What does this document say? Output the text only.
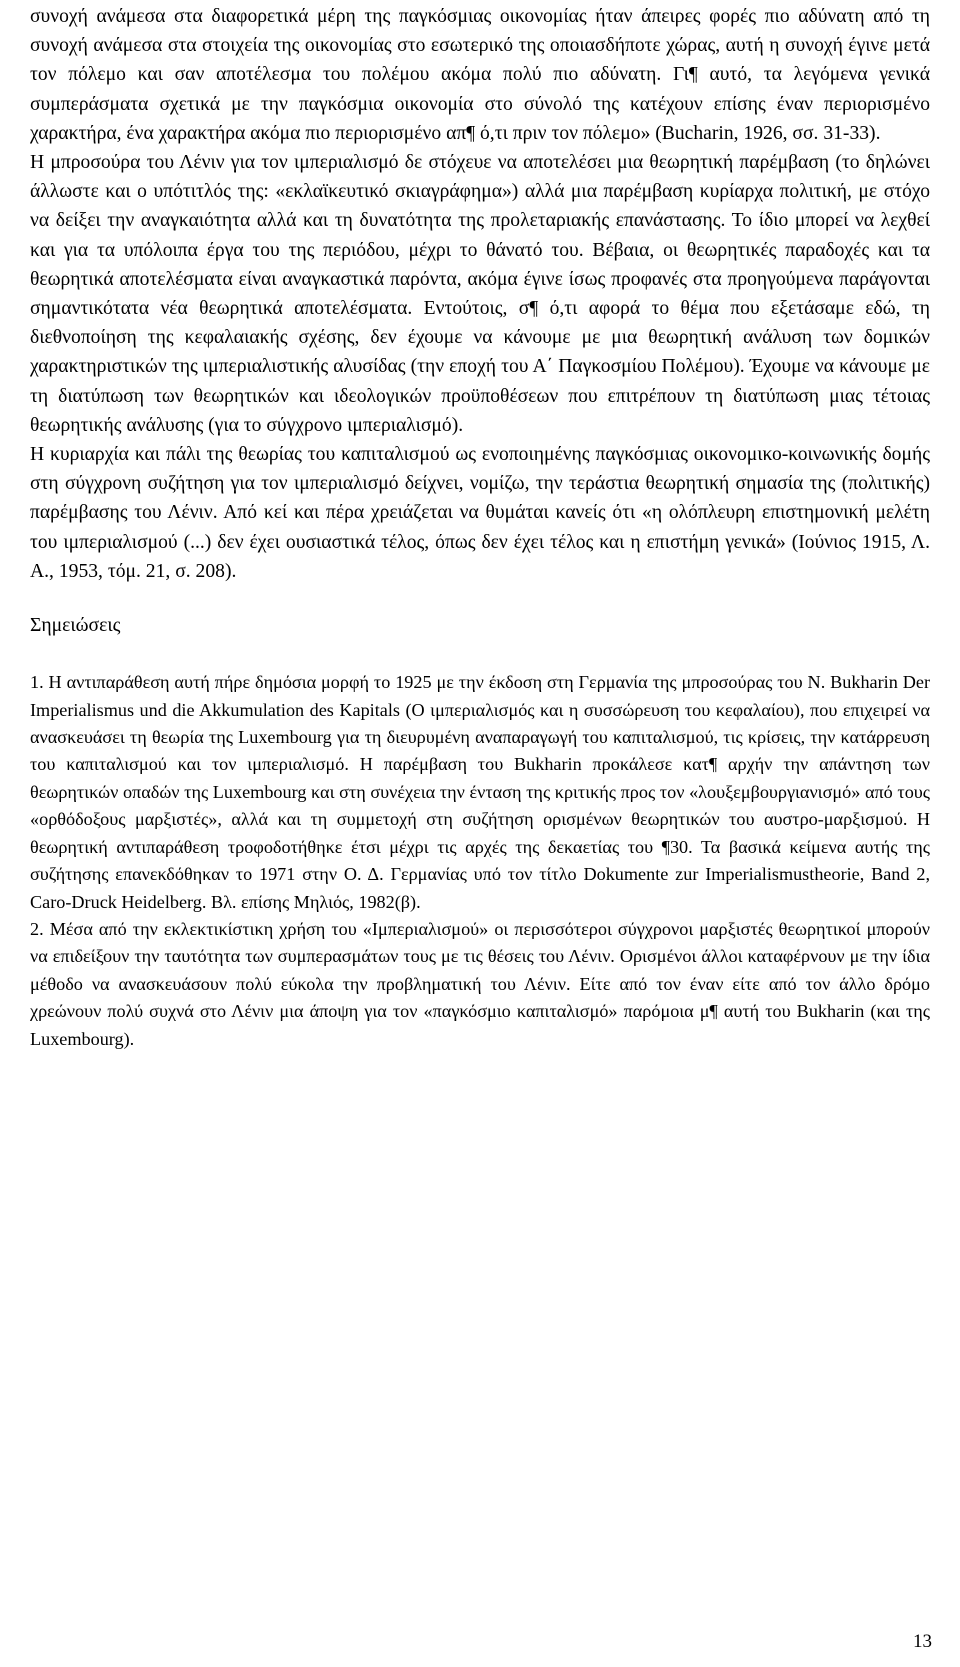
συνοχή ανάμεσα στα διαφορετικά μέρη της παγκόσμιας οικονομίας ήταν άπειρες φορές πιο αδύνατη από τη συνοχή ανάμεσα στα στοιχεία της οικονομίας στο εσωτερικό της οποιασδήποτε χώρας, αυτή η συνοχή έγινε μετά τον πόλεμο και σαν αποτέλεσμα του πολέμου ακόμα πολύ πιο αδύνατη. Γι¶ αυτό, τα λεγόμενα γενικά συμπεράσματα σχετικά με την παγκόσμια οικονομία στο σύνολό της κατέχουν επίσης έναν περιορισμένο χαρακτήρα, ένα χαρακτήρα ακόμα πιο περιορισμένο απ¶ ό,τι πριν τον πόλεμο» (Bucharin, 1926, σσ. 31-33).

Η μπροσούρα του Λένιν για τον ιμπεριαλισμό δε στόχευε να αποτελέσει μια θεωρητική παρέμβαση (το δηλώνει άλλωστε και ο υπότιτλός της: «εκλαϊκευτικό σκιαγράφημα») αλλά μια παρέμβαση κυρίαρχα πολιτική, με στόχο να δείξει την αναγκαιότητα αλλά και τη δυνατότητα της προλεταριακής επανάστασης. Το ίδιο μπορεί να λεχθεί και για τα υπόλοιπα έργα του της περιόδου, μέχρι το θάνατό του. Βέβαια, οι θεωρητικές παραδοχές και τα θεωρητικά αποτελέσματα είναι αναγκαστικά παρόντα, ακόμα έγινε ίσως προφανές στα προηγούμενα παράγονται σημαντικότατα νέα θεωρητικά αποτελέσματα. Εντούτοις, σ¶ ό,τι αφορά το θέμα που εξετάσαμε εδώ, τη διεθνοποίηση της κεφαλαιακής σχέσης, δεν έχουμε να κάνουμε με μια θεωρητική ανάλυση των δομικών χαρακτηριστικών της ιμπεριαλιστικής αλυσίδας (την εποχή του Α΄ Παγκοσμίου Πολέμου). Έχουμε να κάνουμε με τη διατύπωση των θεωρητικών και ιδεολογικών προϋποθέσεων που επιτρέπουν τη διατύπωση μιας τέτοιας θεωρητικής ανάλυσης (για το σύγχρονο ιμπεριαλισμό).

Η κυριαρχία και πάλι της θεωρίας του καπιταλισμού ως ενοποιημένης παγκόσμιας οικονομικο-κοινωνικής δομής στη σύγχρονη συζήτηση για τον ιμπεριαλισμό δείχνει, νομίζω, την τεράστια θεωρητική σημασία της (πολιτικής) παρέμβασης του Λένιν. Από κεί και πέρα χρειάζεται να θυμάται κανείς ότι «η ολόπλευρη επιστημονική μελέτη του ιμπεριαλισμού (...) δεν έχει ουσιαστικά τέλος, όπως δεν έχει τέλος και η επιστήμη γενικά» (Ιούνιος 1915, Λ. Α., 1953, τόμ. 21, σ. 208).

Σημειώσεις

1. Η αντιπαράθεση αυτή πήρε δημόσια μορφή το 1925 με την έκδοση στη Γερμανία της μπροσούρας του N. Bukharin Der Imperialismus und die Akkumulation des Kapitals (Ο ιμπεριαλισμός και η συσσώρευση του κεφαλαίου), που επιχειρεί να ανασκευάσει τη θεωρία της Luxembourg για τη διευρυμένη αναπαραγωγή του καπιταλισμού, τις κρίσεις, την κατάρρευση του καπιταλισμού και τον ιμπεριαλισμό. Η παρέμβαση του Bukharin προκάλεσε κατ¶ αρχήν την απάντηση των θεωρητικών οπαδών της Luxembourg και στη συνέχεια την ένταση της κριτικής προς τον «λουξεμβουργιανισμό» από τους «ορθόδοξους μαρξιστές», αλλά και τη συμμετοχή στη συζήτηση ορισμένων θεωρητικών του αυστρο-μαρξισμού. Η θεωρητική αντιπαράθεση τροφοδοτήθηκε έτσι μέχρι τις αρχές της δεκαετίας του ¶30. Τα βασικά κείμενα αυτής της συζήτησης επανεκδόθηκαν το 1971 στην Ο. Δ. Γερμανίας υπό τον τίτλο Dokumente zur Imperialismustheorie, Band 2, Caro-Druck Heidelberg. Βλ. επίσης Μηλιός, 1982(β).

2. Μέσα από την εκλεκτικίστικη χρήση του «Ιμπεριαλισμού» οι περισσότεροι σύγχρονοι μαρξιστές θεωρητικοί μπορούν να επιδείξουν την ταυτότητα των συμπερασμάτων τους με τις θέσεις του Λένιν. Ορισμένοι άλλοι καταφέρνουν με την ίδια μέθοδο να ανασκευάσουν πολύ εύκολα την προβληματική του Λένιν. Είτε από τον έναν είτε από τον άλλο δρόμο χρεώνουν πολύ συχνά στο Λένιν μια άποψη για τον «παγκόσμιο καπιταλισμό» παρόμοια μ¶ αυτή του Bukharin (και της Luxembourg).

13
